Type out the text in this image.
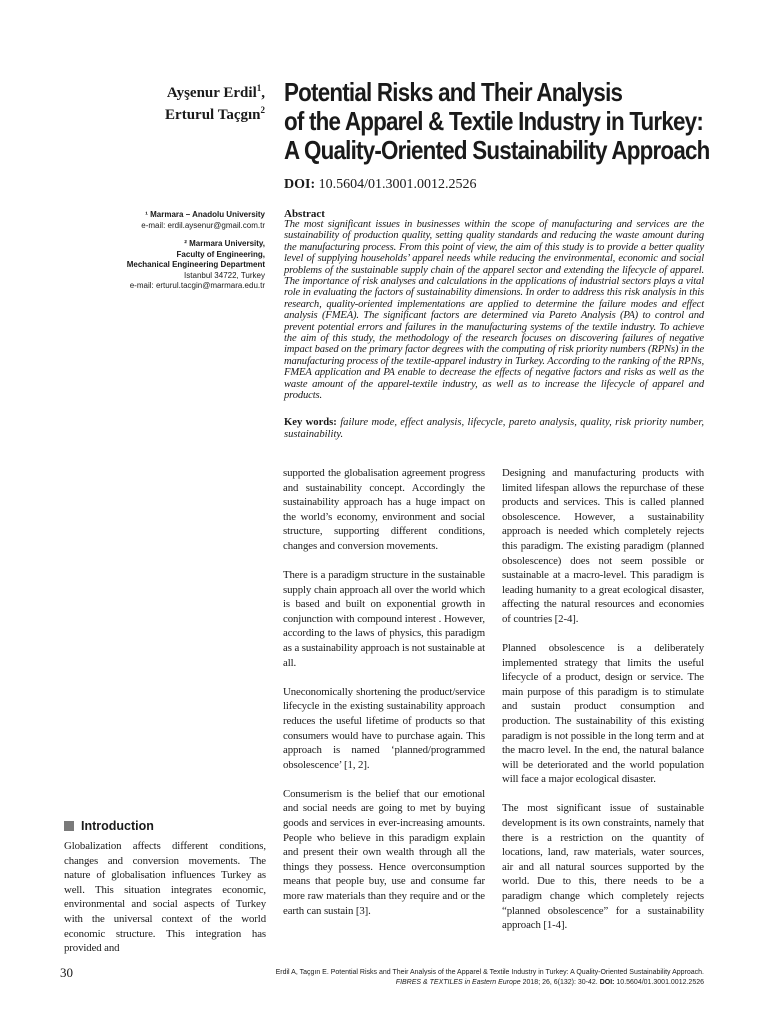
Ayşenur Erdil$^1$,
Erturul Taçgın$^2$
Potential Risks and Their Analysis
of the Apparel & Textile Industry in Turkey:
A Quality-Oriented Sustainability Approach
DOI: 10.5604/01.3001.0012.2526
¹ Marmara – Anadolu University
e-mail: erdil.aysenur@gmail.com.tr
² Marmara University,
Faculty of Engineering,
Mechanical Engineering Department
Istanbul 34722, Turkey
e-mail: erturul.tacgin@marmara.edu.tr
Abstract
The most significant issues in businesses within the scope of manufacturing and services are the sustainability of production quality, setting quality standards and reducing the waste amount during the manufacturing process. From this point of view, the aim of this study is to provide a better quality level of supplying households’ apparel needs while reducing the environmental, economic and social problems of the sustainable supply chain of the apparel sector and extending the lifecycle of apparel. The importance of risk analyses and calculations in the applications of industrial sectors plays a vital role in evaluating the factors of sustainability dimensions. In order to address this risk analysis in this research, quality-oriented implementations are applied to determine the failure modes and effect analysis (FMEA). The significant factors are determined via Pareto Analysis (PA) to control and prevent potential errors and failures in the manufacturing systems of the textile industry. To achieve the aim of this study, the methodology of the research focuses on discovering failures of negative impact based on the primary factor degrees with the computing of risk priority numbers (RPNs) in the manufacturing process of the textile-apparel industry in Turkey. According to the ranking of the RPNs, FMEA application and PA enable to decrease the effects of negative factors and risks as well as the waste amount of the apparel-textile industry, as well as to increase the lifecycle of apparel and products.
Key words: failure mode, effect analysis, lifecycle, pareto analysis, quality, risk priority number, sustainability.
Introduction

Globalization affects different conditions, changes and conversion movements. The nature of globalisation influences Turkey as well. This situation integrates economic, environmental and social aspects of Turkey with the universal context of the world economic structure. This integration has provided and

supported the globalisation agreement progress and sustainability concept. Accordingly the sustainability approach has a huge impact on the world’s economy, environment and social structure, supporting different conditions, changes and conversion movements.

There is a paradigm structure in the sustainable supply chain approach all over the world which is based and built on exponential growth in conjunction with compound interest . However, according to the laws of physics, this paradigm as a sustainability approach is not sustainable at all.

Uneconomically shortening the product/service lifecycle in the existing sustainability approach reduces the useful lifetime of products so that consumers would have to purchase again. This approach is named ‘planned/programmed obsolescence’ [1, 2].

Consumerism is the belief that our emotional and social needs are going to met by buying goods and services in ever-increasing amounts. People who believe in this paradigm explain and present their own wealth through all the things they possess. Hence overconsumption means that people buy, use and consume far more raw materials than they require and or the earth can sustain [3].

Designing and manufacturing products with limited lifespan allows the repurchase of these products and services. This is called planned obsolescence. However, a sustainability approach is needed which completely rejects this paradigm. The existing paradigm (planned obsolescence) does not seem possible or sustainable at a macro-level. This paradigm is leading humanity to a great ecological disaster, affecting the natural resources and economies of countries [2-4].

Planned obsolescence is a deliberately implemented strategy that limits the useful lifecycle of a product, design or service. The main purpose of this paradigm is to stimulate and sustain product consumption and production. The sustainability of this existing paradigm is not possible in the long term and at the macro level. In the end, the natural balance will be deteriorated and the world population will face a major ecological disaster.

The most significant issue of sustainable development is its own constraints, namely that there is a restriction on the quantity of locations, land, raw materials, water sources, air and all natural sources supported by the world. Due to this, there needs to be a paradigm change which completely rejects “planned obsolescence” for a sustainability approach [1-4].

30	Erdil A, Taçgın E. Potential Risks and Their Analysis of the Apparel & Textile Industry in Turkey: A Quality-Oriented Sustainability Approach.
FIBRES & TEXTILES in Eastern Europe 2018; 26, 6(132): 30-42. DOI: 10.5604/01.3001.0012.2526
